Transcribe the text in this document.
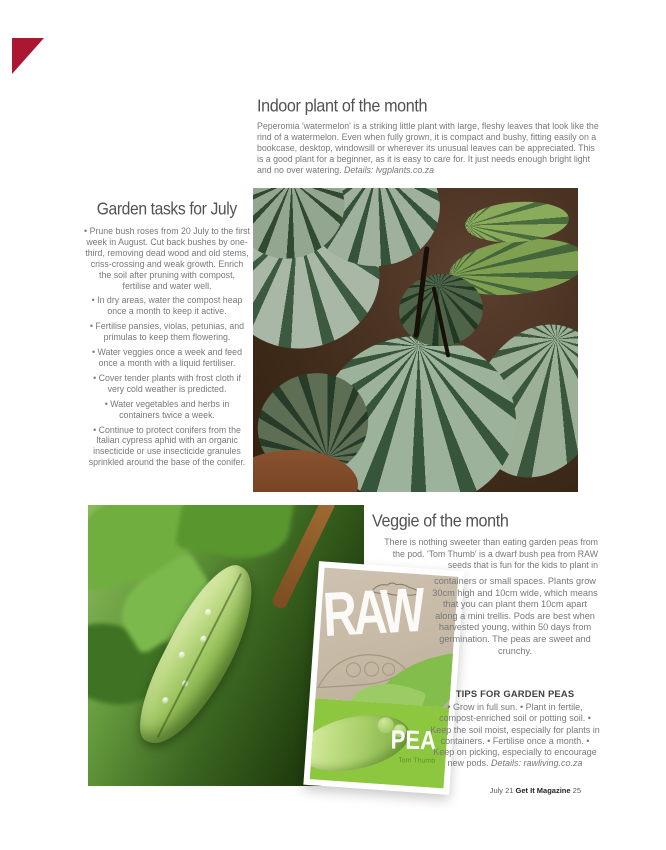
Indoor plant of the month

Peperomia 'watermelon' is a striking little plant with large, fleshy leaves that look like the rind of a watermelon. Even when fully grown, it is compact and bushy, fitting easily on a bookcase, desktop, windowsill or wherever its unusual leaves can be appreciated. This is a good plant for a beginner, as it is easy to care for. It just needs enough bright light and no over watering. Details: lvgplants.co.za

Garden tasks for July

• Prune bush roses from 20 July to the first week in August. Cut back bushes by one-third, removing dead wood and old stems, criss-crossing and weak growth. Enrich the soil after pruning with compost, fertilise and water well.

• In dry areas, water the compost heap once a month to keep it active.

• Fertilise pansies, violas, petunias, and primulas to keep them flowering.

• Water veggies once a week and feed once a month with a liquid fertiliser.

• Cover tender plants with frost cloth if very cold weather is predicted.

• Water vegetables and herbs in containers twice a week.

• Continue to protect conifers from the Italian cypress aphid with an organic insecticide or use insecticide granules sprinkled around the base of the conifer.

RAW
PEA
Tom Thumb
Veggie of the month

There is nothing sweeter than eating garden peas from the pod. 'Tom Thumb' is a dwarf bush pea from RAW seeds that is fun for the kids to plant in

containers or small spaces. Plants grow 30cm high and 10cm wide, which means that you can plant them 10cm apart along a mini trellis. Pods are best when harvested young, within 50 days from germination. The peas are sweet and crunchy.

TIPS FOR GARDEN PEAS

• Grow in full sun. • Plant in fertile, compost-enriched soil or potting soil. • Keep the soil moist, especially for plants in containers. • Fertilise once a month. • Keep on picking, especially to encourage new pods. Details: rawliving.co.za

July 21 Get It Magazine 25
